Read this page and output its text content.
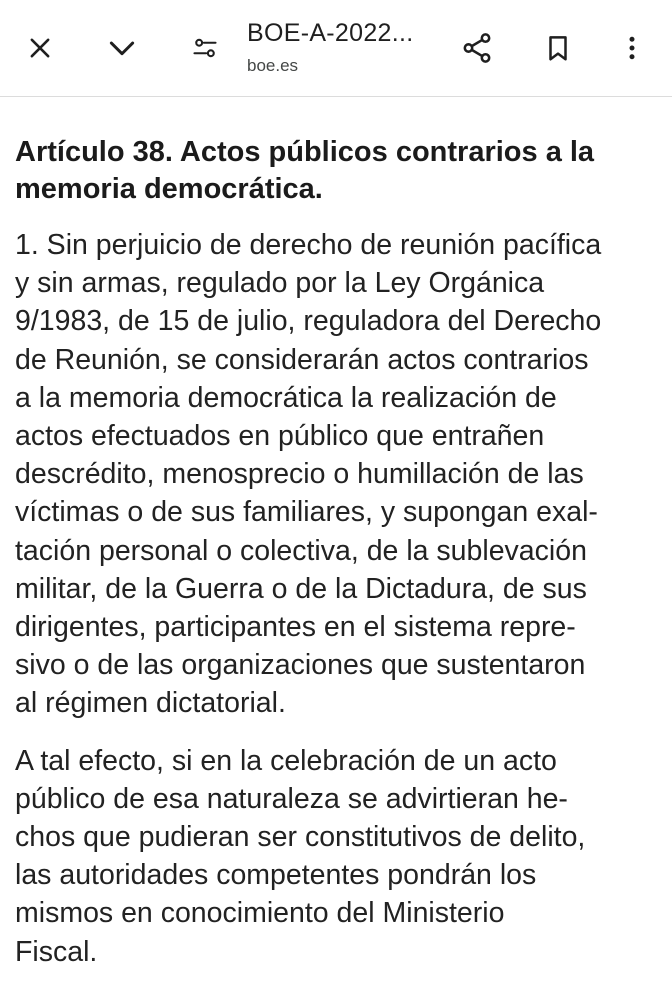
BOE-A-2022...
boe.es
Artículo 38. Actos públicos contrarios a la
memoria democrática.

1. Sin perjuicio de derecho de reunión pacífica
y sin armas, regulado por la Ley Orgánica
9/1983, de 15 de julio, reguladora del Derecho
de Reunión, se considerarán actos contrarios
a la memoria democrática la realización de
actos efectuados en público que entrañen
descrédito, menosprecio o humillación de las
víctimas o de sus familiares, y supongan exal-
tación personal o colectiva, de la sublevación
militar, de la Guerra o de la Dictadura, de sus
dirigentes, participantes en el sistema repre-
sivo o de las organizaciones que sustentaron
al régimen dictatorial.

A tal efecto, si en la celebración de un acto
público de esa naturaleza se advirtieran he-
chos que pudieran ser constitutivos de delito,
las autoridades competentes pondrán los
mismos en conocimiento del Ministerio
Fiscal.
